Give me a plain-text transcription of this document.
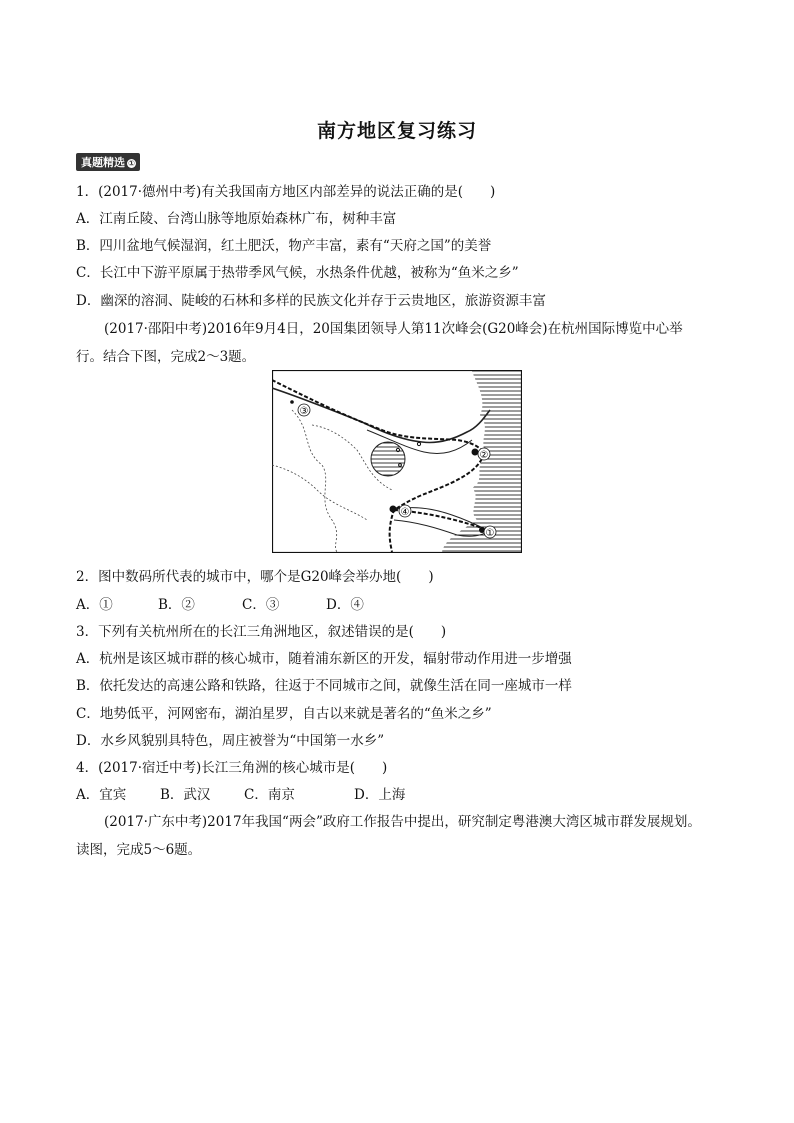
南方地区复习练习
真题精选 ①
1．(2017·德州中考)有关我国南方地区内部差异的说法正确的是(　　)
A．江南丘陵、台湾山脉等地原始森林广布，树种丰富
B．四川盆地气候湿润，红土肥沃，物产丰富，素有“天府之国”的美誉
C．长江中下游平原属于热带季风气候，水热条件优越，被称为“鱼米之乡”
D．幽深的溶洞、陡峻的石林和多样的民族文化并存于云贵地区，旅游资源丰富
(2017·邵阳中考)2016年9月4日，20国集团领导人第11次峰会(G20峰会)在杭州国际博览中心举
行。结合下图，完成2～3题。
①
②
③
④
2．图中数码所代表的城市中，哪个是G20峰会举办地(　　)
A．①	B．②	C．③	D．④
3．下列有关杭州所在的长江三角洲地区，叙述错误的是(　　)
A．杭州是该区城市群的核心城市，随着浦东新区的开发，辐射带动作用进一步增强
B．依托发达的高速公路和铁路，往返于不同城市之间，就像生活在同一座城市一样
C．地势低平，河网密布，湖泊星罗，自古以来就是著名的“鱼米之乡”
D．水乡风貌别具特色，周庄被誉为“中国第一水乡”
4．(2017·宿迁中考)长江三角洲的核心城市是(　　)
A．宜宾	B．武汉 C．南京	D．上海
(2017·广东中考)2017年我国“两会”政府工作报告中提出，研究制定粤港澳大湾区城市群发展规划。
读图，完成5～6题。
